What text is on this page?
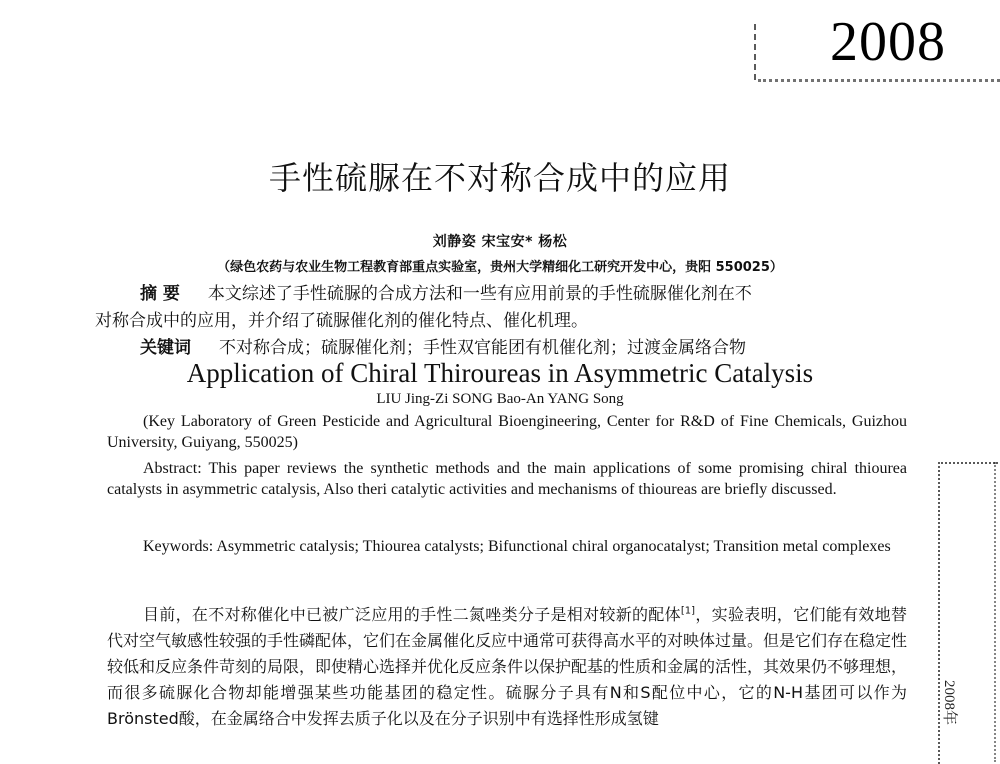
2008
手性硫脲在不对称合成中的应用
刘静姿 宋宝安* 杨松
（绿色农药与农业生物工程教育部重点实验室，贵州大学精细化工研究开发中心，贵阳 550025）
摘 要 本文综述了手性硫脲的合成方法和一些有应用前景的手性硫脲催化剂在不
对称合成中的应用，并介绍了硫脲催化剂的催化特点、催化机理。
关键词 不对称合成；硫脲催化剂；手性双官能团有机催化剂；过渡金属络合物
Application of Chiral Thiroureas in Asymmetric Catalysis
LIU Jing-Zi SONG Bao-An YANG Song
(Key Laboratory of Green Pesticide and Agricultural Bioengineering, Center for R&D of Fine Chemicals, Guizhou University, Guiyang, 550025)
Abstract: This paper reviews the synthetic methods and the main applications of some promising chiral thiourea catalysts in asymmetric catalysis, Also theri catalytic activities and mechanisms of thioureas are briefly discussed.
Keywords: Asymmetric catalysis; Thiourea catalysts; Bifunctional chiral organocatalyst; Transition metal complexes
目前，在不对称催化中已被广泛应用的手性二氮唑类分子是相对较新的配体[1]，实验表明，它们能有效地替代对空气敏感性较强的手性磷配体，它们在金属催化反应中通常可获得高水平的对映体过量。但是它们存在稳定性较低和反应条件苛刻的局限，即使精心选择并优化反应条件以保护配基的性质和金属的活性，其效果仍不够理想，而很多硫脲化合物却能增强某些功能基团的稳定性。硫脲分子具有N和S配位中心，它的N-H基团可以作为Brönsted酸，在金属络合中发挥去质子化以及在分子识别中有选择性形成氢键	2008年
